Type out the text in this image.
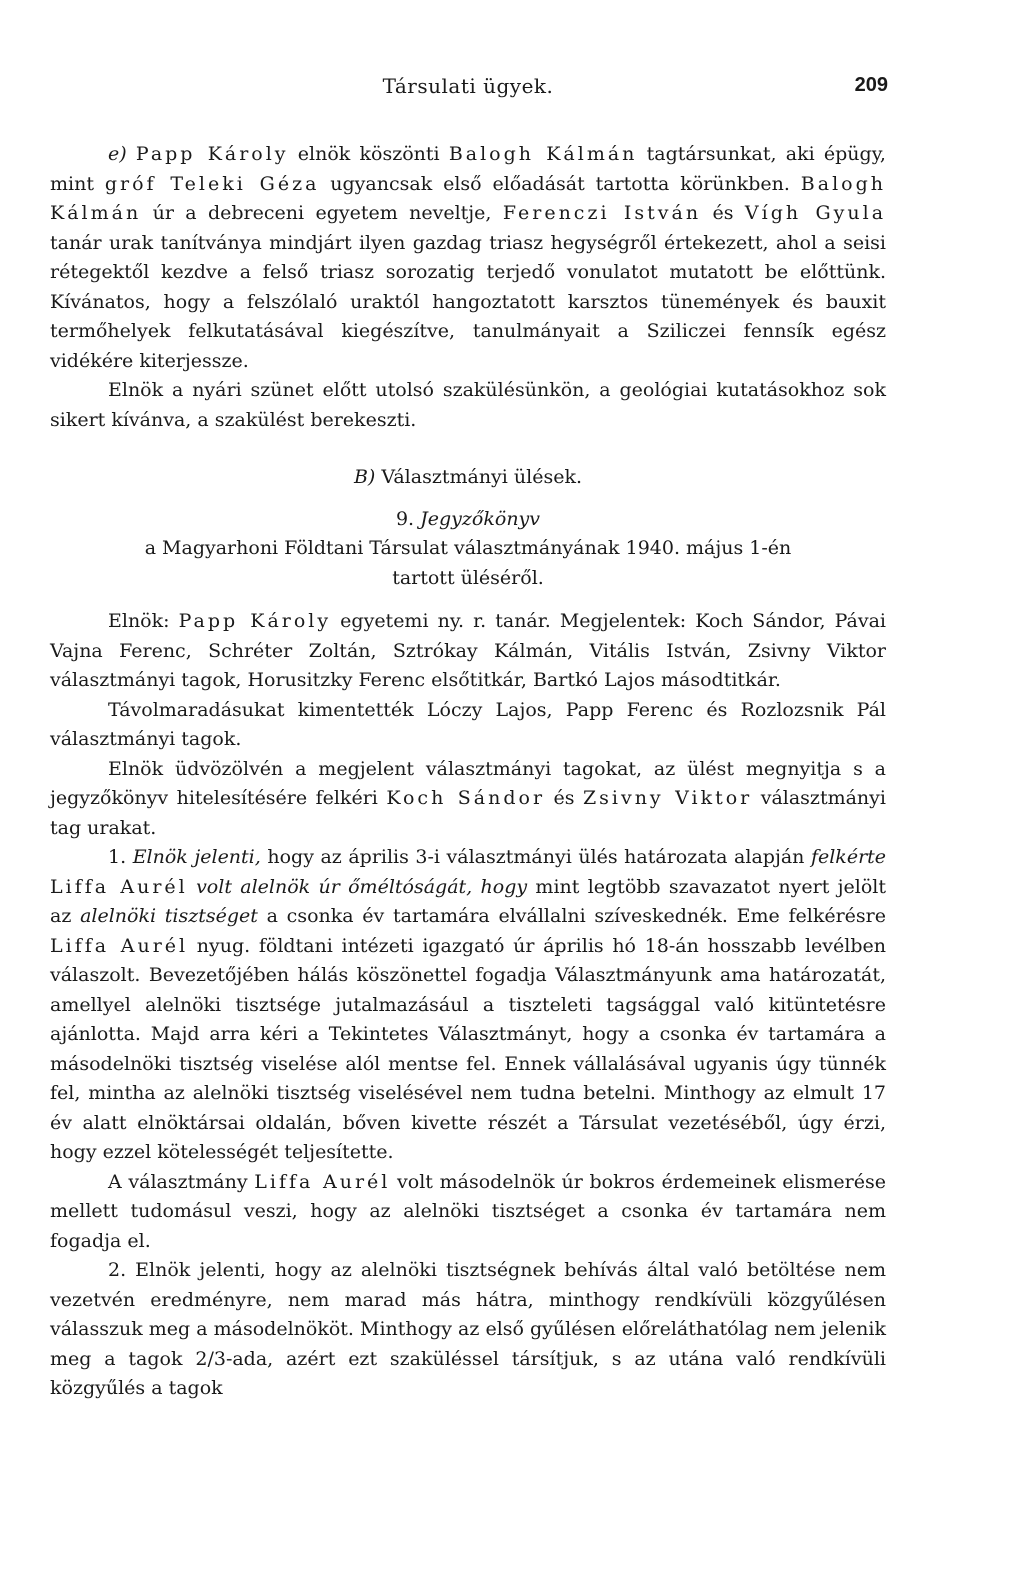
Társulati ügyek.	209

e) Papp Károly elnök köszönti Balogh Kálmán tagtársunkat, aki épügy, mint gróf Teleki Géza ugyancsak első előadását tartotta körünkben. Balogh Kálmán úr a debreceni egyetem neveltje, Ferenczi István és Vígh Gyula tanár urak tanítványa mindjárt ilyen gazdag triasz hegységről értekezett, ahol a seisi rétegektől kezdve a felső triasz sorozatig terjedő vonulatot mutatott be előttünk. Kívánatos, hogy a felszólaló uraktól hangoztatott karsztos tünemények és bauxit termőhelyek felkutatásával kiegészítve, tanulmányait a Sziliczei fennsík egész vidékére kiterjessze.

Elnök a nyári szünet előtt utolsó szakülésünkön, a geológiai kutatásokhoz sok sikert kívánva, a szakülést berekeszti.

B) Választmányi ülések.

9. Jegyzőkönyv

a Magyarhoni Földtani Társulat választmányának 1940. május 1-én

tartott üléséről.

Elnök: Papp Károly egyetemi ny. r. tanár. Megjelentek: Koch Sándor, Pávai Vajna Ferenc, Schréter Zoltán, Sztrókay Kálmán, Vitális István, Zsivny Viktor választmányi tagok, Horusitzky Ferenc elsőtitkár, Bartkó Lajos másodtitkár.

Távolmaradásukat kimentették Lóczy Lajos, Papp Ferenc és Rozlozsnik Pál választmányi tagok.

Elnök üdvözölvén a megjelent választmányi tagokat, az ülést megnyitja s a jegyzőkönyv hitelesítésére felkéri Koch Sándor és Zsivny Viktor választmányi tag urakat.

1. Elnök jelenti, hogy az április 3-i választmányi ülés határozata alapján felkérte Liffa Aurél volt alelnök úr őméltóságát, hogy mint legtöbb szavazatot nyert jelölt az alelnöki tisztséget a csonka év tartamára elvállalni szíveskednék. Eme felkérésre Liffa Aurél nyug. földtani intézeti igazgató úr április hó 18-án hosszabb levélben válaszolt. Bevezetőjében hálás köszönettel fogadja Választmányunk ama határozatát, amellyel alelnöki tisztsége jutalmazásául a tiszteleti tagsággal való kitüntetésre ajánlotta. Majd arra kéri a Tekintetes Választmányt, hogy a csonka év tartamára a másodelnöki tisztség viselése alól mentse fel. Ennek vállalásával ugyanis úgy tünnék fel, mintha az alelnöki tisztség viselésével nem tudna betelni. Minthogy az elmult 17 év alatt elnöktársai oldalán, bőven kivette részét a Társulat vezetéséből, úgy érzi, hogy ezzel kötelességét teljesítette.

A választmány Liffa Aurél volt másodelnök úr bokros érdemeinek elismerése mellett tudomásul veszi, hogy az alelnöki tisztséget a csonka év tartamára nem fogadja el.

2. Elnök jelenti, hogy az alelnöki tisztségnek behívás által való betöltése nem vezetvén eredményre, nem marad más hátra, minthogy rendkívüli közgyűlésen válasszuk meg a másodelnököt. Minthogy az első gyűlésen előreláthatólag nem jelenik meg a tagok 2/3-ada, azért ezt szaküléssel társítjuk, s az utána való rendkívüli közgyűlés a tagok
